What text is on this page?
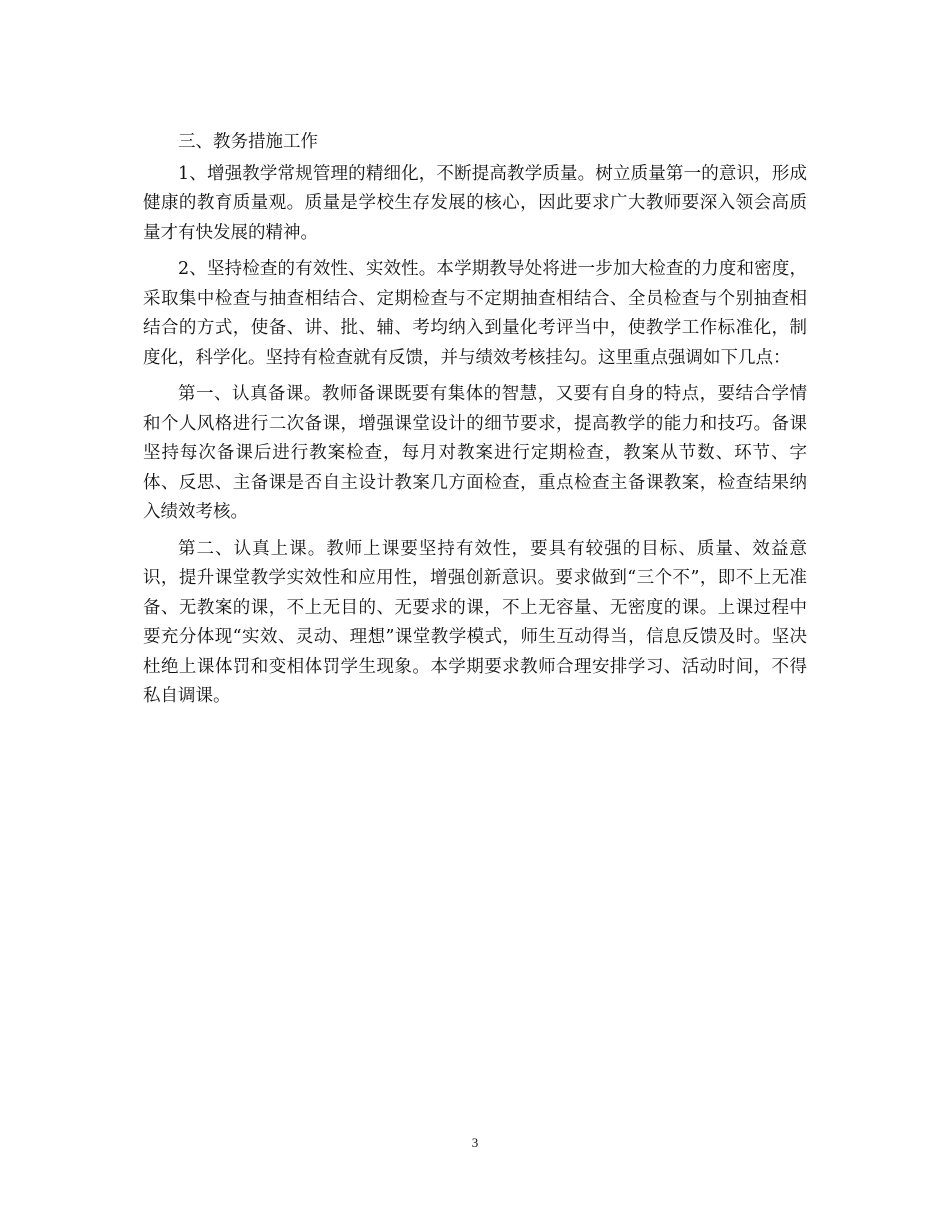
三、教务措施工作

1、增强教学常规管理的精细化，不断提高教学质量。树立质量第一的意识，形成健康的教育质量观。质量是学校生存发展的核心，因此要求广大教师要深入领会高质量才有快发展的精神。

2、坚持检查的有效性、实效性。本学期教导处将进一步加大检查的力度和密度，采取集中检查与抽查相结合、定期检查与不定期抽查相结合、全员检查与个别抽查相结合的方式，使备、讲、批、辅、考均纳入到量化考评当中，使教学工作标准化，制度化，科学化。坚持有检查就有反馈，并与绩效考核挂勾。这里重点强调如下几点：

第一、认真备课。教师备课既要有集体的智慧，又要有自身的特点，要结合学情和个人风格进行二次备课，增强课堂设计的细节要求，提高教学的能力和技巧。备课坚持每次备课后进行教案检查，每月对教案进行定期检查，教案从节数、环节、字体、反思、主备课是否自主设计教案几方面检查，重点检查主备课教案，检查结果纳入绩效考核。

第二、认真上课。教师上课要坚持有效性，要具有较强的目标、质量、效益意识，提升课堂教学实效性和应用性，增强创新意识。要求做到“三个不”，即不上无准备、无教案的课，不上无目的、无要求的课，不上无容量、无密度的课。上课过程中要充分体现“实效、灵动、理想”课堂教学模式，师生互动得当，信息反馈及时。坚决杜绝上课体罚和变相体罚学生现象。本学期要求教师合理安排学习、活动时间，不得私自调课。

3
